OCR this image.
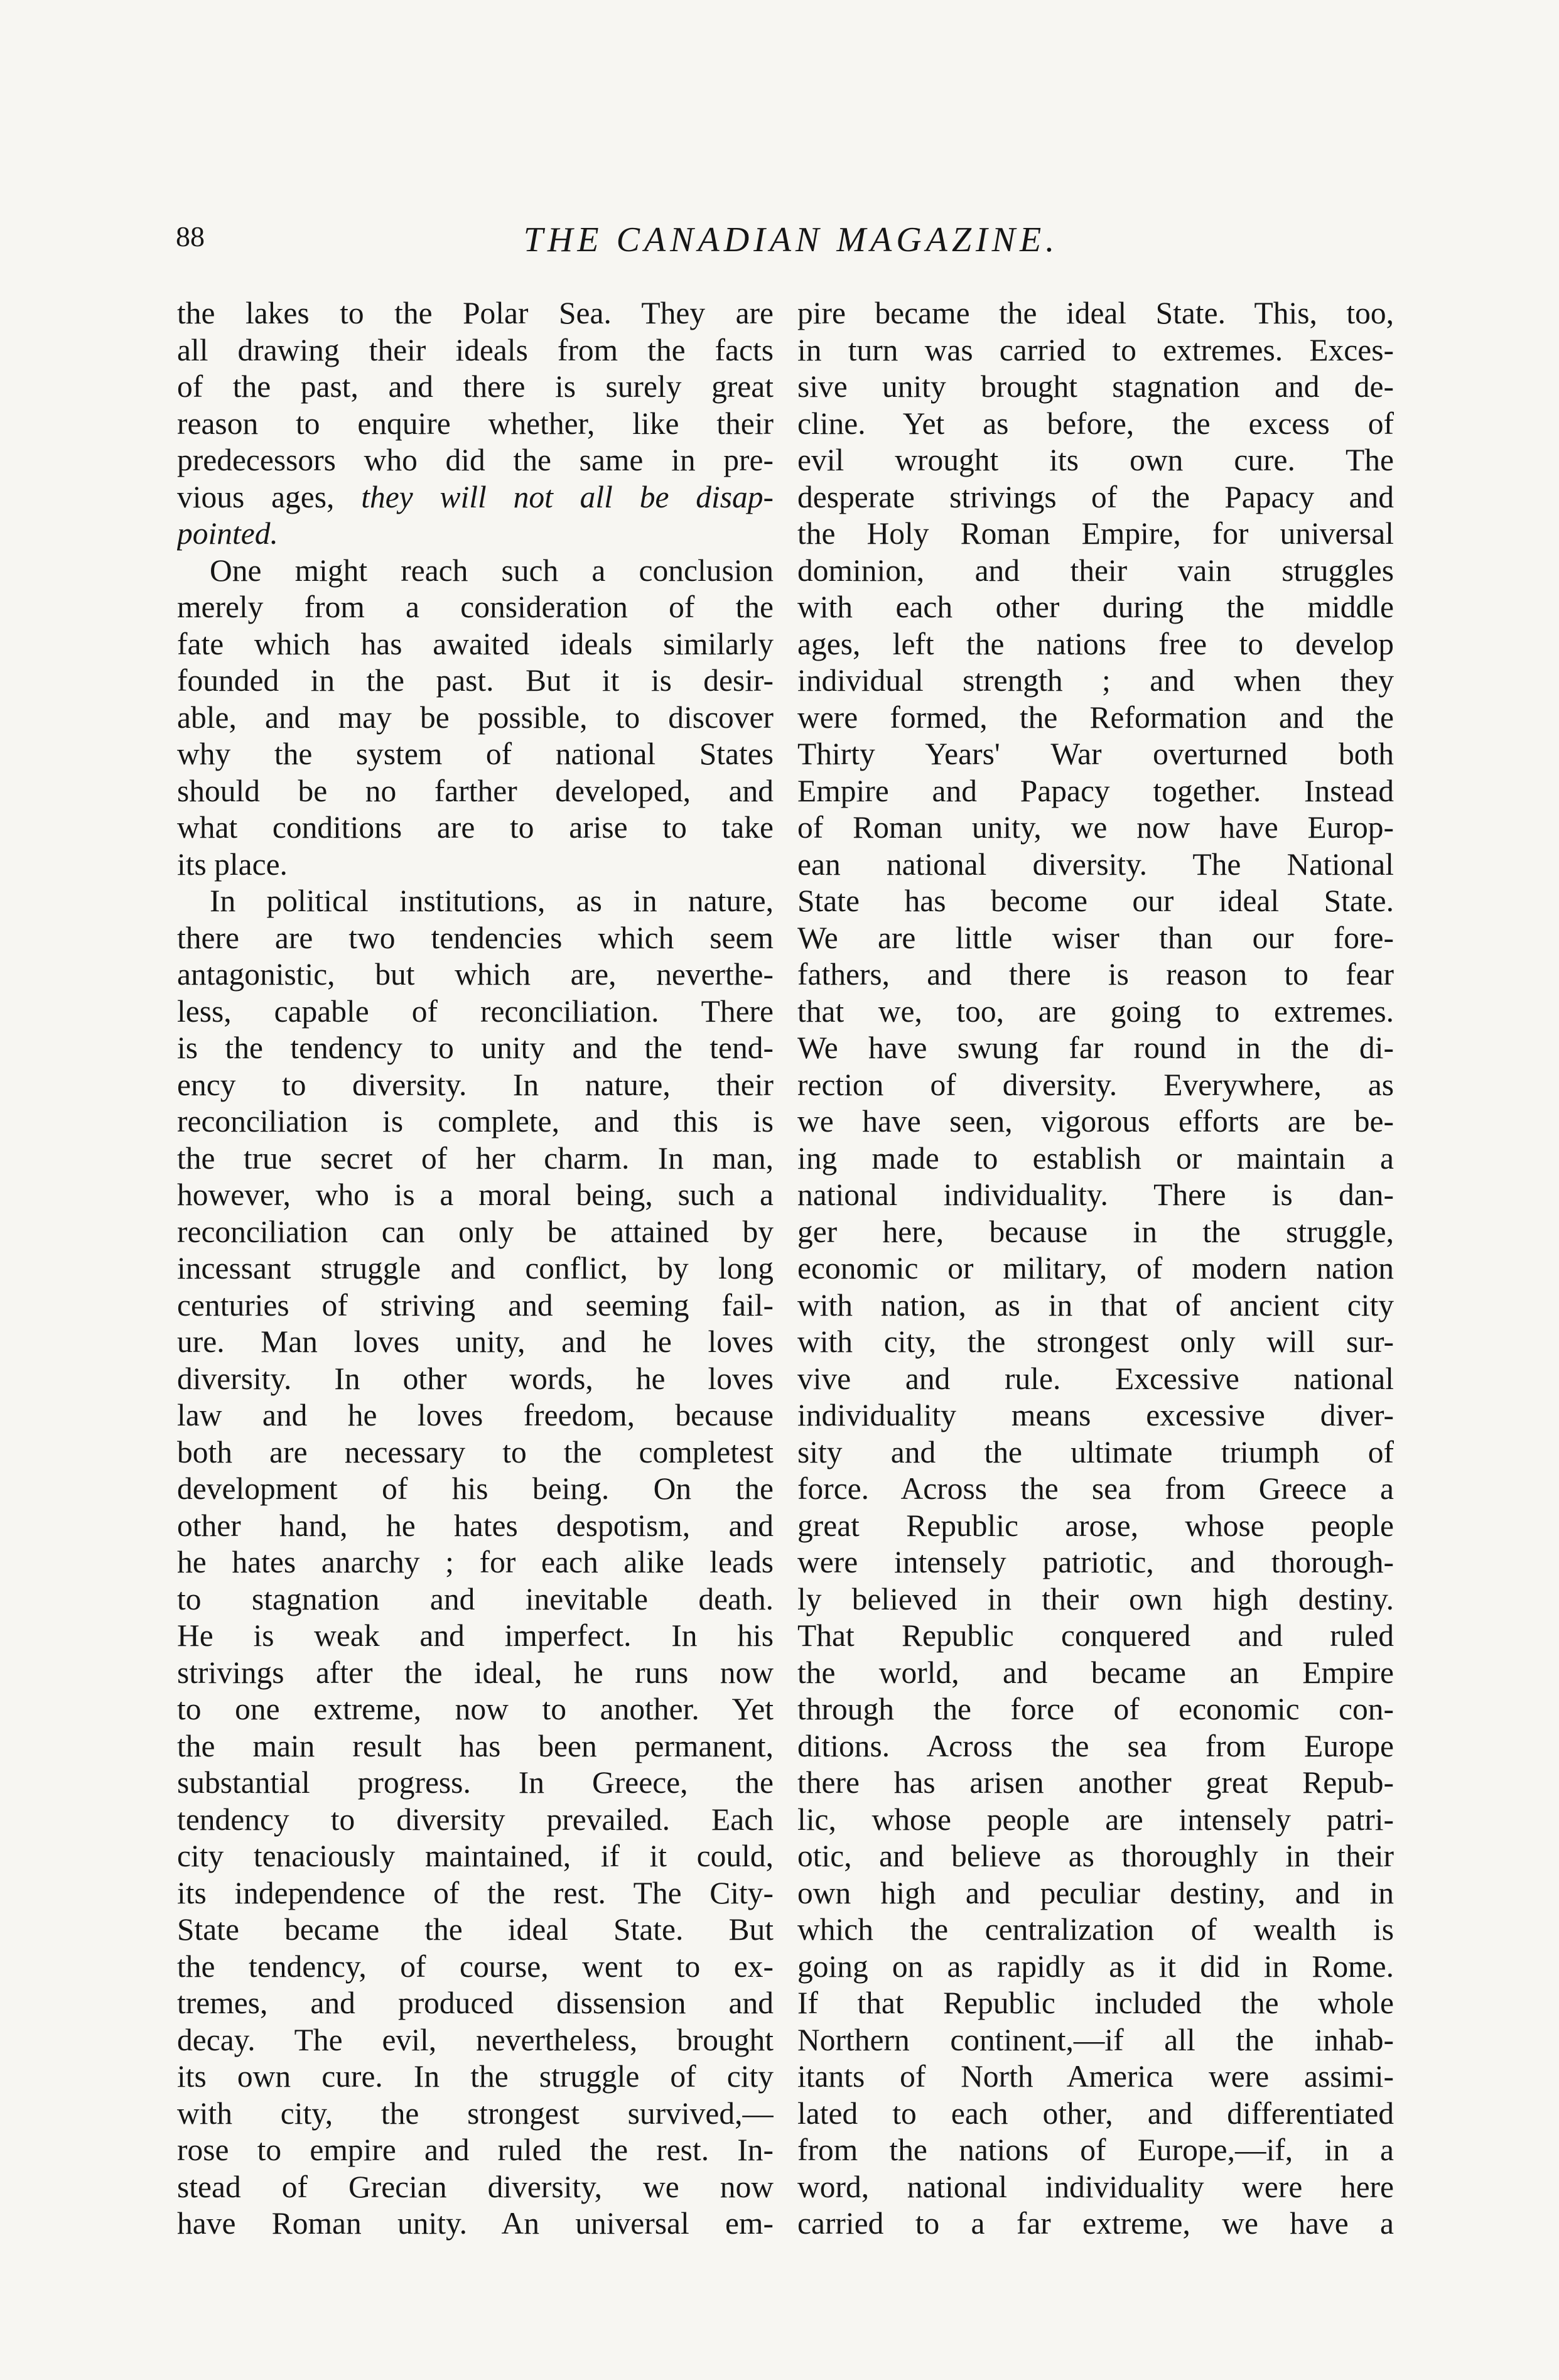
88	THE CANADIAN MAGAZINE.
the lakes to the Polar Sea. They are
all drawing their ideals from the facts
of the past, and there is surely great
reason to enquire whether, like their
predecessors who did the same in pre-
vious ages, they will not all be disap-
pointed.
One might reach such a conclusion
merely from a consideration of the
fate which has awaited ideals similarly
founded in the past. But it is desir-
able, and may be possible, to discover
why the system of national States
should be no farther developed, and
what conditions are to arise to take
its place.
In political institutions, as in nature,
there are two tendencies which seem
antagonistic, but which are, neverthe-
less, capable of reconciliation. There
is the tendency to unity and the tend-
ency to diversity. In nature, their
reconciliation is complete, and this is
the true secret of her charm. In man,
however, who is a moral being, such a
reconciliation can only be attained by
incessant struggle and conflict, by long
centuries of striving and seeming fail-
ure. Man loves unity, and he loves
diversity. In other words, he loves
law and he loves freedom, because
both are necessary to the completest
development of his being. On the
other hand, he hates despotism, and
he hates anarchy ; for each alike leads
to stagnation and inevitable death.
He is weak and imperfect. In his
strivings after the ideal, he runs now
to one extreme, now to another. Yet
the main result has been permanent,
substantial progress. In Greece, the
tendency to diversity prevailed. Each
city tenaciously maintained, if it could,
its independence of the rest. The City-
State became the ideal State. But
the tendency, of course, went to ex-
tremes, and produced dissension and
decay. The evil, nevertheless, brought
its own cure. In the struggle of city
with city, the strongest survived,—
rose to empire and ruled the rest. In-
stead of Grecian diversity, we now
have Roman unity. An universal em-
pire became the ideal State. This, too,
in turn was carried to extremes. Exces-
sive unity brought stagnation and de-
cline. Yet as before, the excess of
evil wrought its own cure. The
desperate strivings of the Papacy and
the Holy Roman Empire, for universal
dominion, and their vain struggles
with each other during the middle
ages, left the nations free to develop
individual strength ; and when they
were formed, the Reformation and the
Thirty Years' War overturned both
Empire and Papacy together. Instead
of Roman unity, we now have Europ-
ean national diversity. The National
State has become our ideal State.
We are little wiser than our fore-
fathers, and there is reason to fear
that we, too, are going to extremes.
We have swung far round in the di-
rection of diversity. Everywhere, as
we have seen, vigorous efforts are be-
ing made to establish or maintain a
national individuality. There is dan-
ger here, because in the struggle,
economic or military, of modern nation
with nation, as in that of ancient city
with city, the strongest only will sur-
vive and rule. Excessive national
individuality means excessive diver-
sity and the ultimate triumph of
force. Across the sea from Greece a
great Republic arose, whose people
were intensely patriotic, and thorough-
ly believed in their own high destiny.
That Republic conquered and ruled
the world, and became an Empire
through the force of economic con-
ditions. Across the sea from Europe
there has arisen another great Repub-
lic, whose people are intensely patri-
otic, and believe as thoroughly in their
own high and peculiar destiny, and in
which the centralization of wealth is
going on as rapidly as it did in Rome.
If that Republic included the whole
Northern continent,—if all the inhab-
itants of North America were assimi-
lated to each other, and differentiated
from the nations of Europe,—if, in a
word, national individuality were here
carried to a far extreme, we have a
